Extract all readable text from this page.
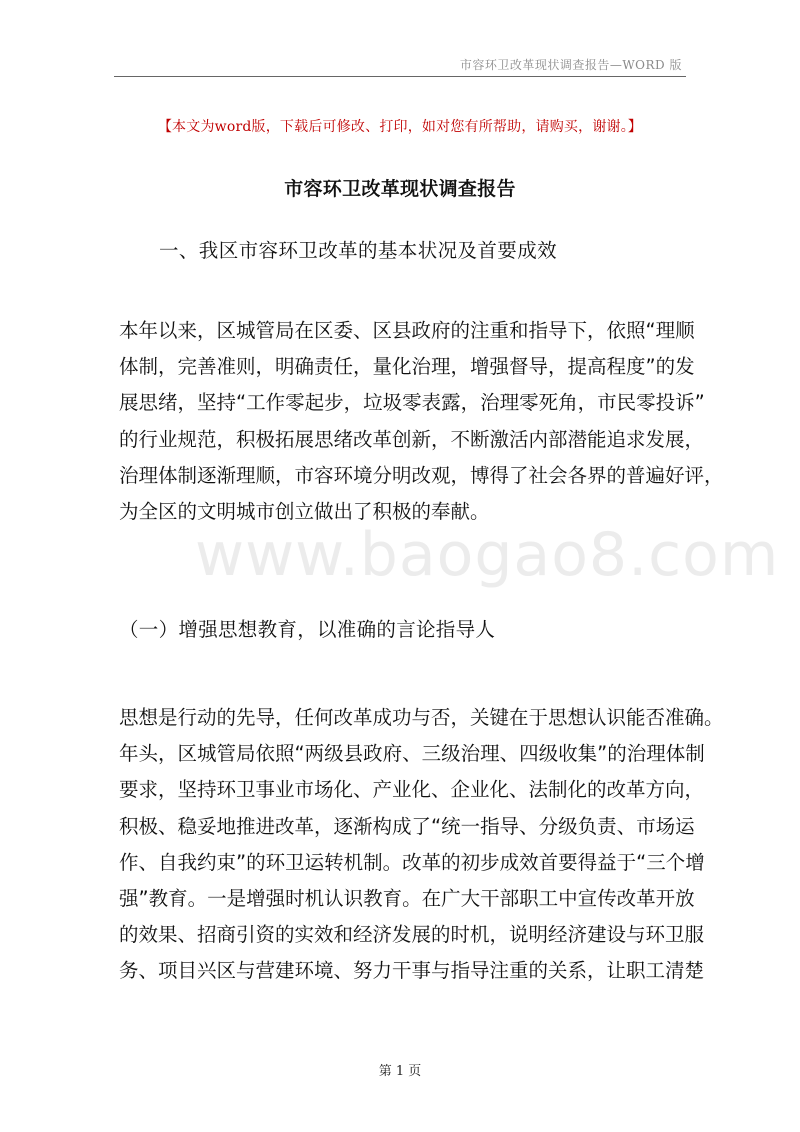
市容环卫改革现状调查报告—WORD 版
【本文为word版，下载后可修改、打印，如对您有所帮助，请购买，谢谢。】
市容环卫改革现状调查报告
一、我区市容环卫改革的基本状况及首要成效
本年以来，区城管局在区委、区县政府的注重和指导下，依照“理顺
体制，完善准则，明确责任，量化治理，增强督导，提高程度”的发
展思绪，坚持“工作零起步，垃圾零表露，治理零死角，市民零投诉”
的行业规范，积极拓展思绪改革创新，不断激活内部潜能追求发展，
治理体制逐渐理顺，市容环境分明改观，博得了社会各界的普遍好评，
为全区的文明城市创立做出了积极的奉献。
www.baogao8.com
（一）增强思想教育，以准确的言论指导人
思想是行动的先导，任何改革成功与否，关键在于思想认识能否准确。
年头，区城管局依照“两级县政府、三级治理、四级收集”的治理体制
要求，坚持环卫事业市场化、产业化、企业化、法制化的改革方向，
积极、稳妥地推进改革，逐渐构成了“统一指导、分级负责、市场运
作、自我约束”的环卫运转机制。改革的初步成效首要得益于“三个增
强”教育。一是增强时机认识教育。在广大干部职工中宣传改革开放
的效果、招商引资的实效和经济发展的时机，说明经济建设与环卫服
务、项目兴区与营建环境、努力干事与指导注重的关系，让职工清楚
第 1 页
